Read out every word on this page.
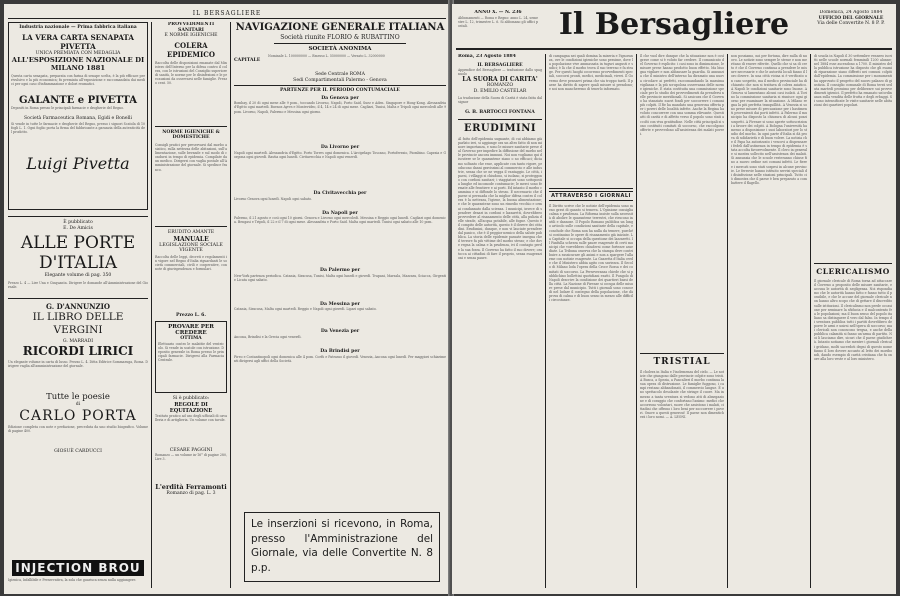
IL BERSAGLIERE
Industria nazionale — Prima fabbrica italiana
LA VERA CARTA SENAPATA PIVETTA
UNICA PREMIATA CON MEDAGLIA
ALL'ESPOSIZIONE NAZIONALE DI MILANO 1881
Questa carta senapata, preparata con farina di senape scelta, è la più efficace per rivulsivo e la più economica; fu premiata all'esposizione e raccomandata dai medici per ogni caso d'infiammazione e dolori reumatici.
GALANTE e PIVETTA
Depositi in Roma presso le principali farmacie e drogherie del Regno.
Società Farmaceutica Romana, Egidi e Bonelli
Si vende in tutte le farmacie e drogherie del Regno, presso i signori Scatola di 10 fogli L. 1. Ogni foglio porta la firma del fabbricante a garanzia della autenticità del prodotto.
Luigi Pivetta
È pubblicato
E. De Amicis
ALLE PORTE D'ITALIA
Elegante volume di pag. 350
Prezzo L. 4 — Lire Una e Cinquanta. Dirigere le domande all'Amministrazione del Giornale.
G. D'ANNUNZIO
IL LIBRO DELLE VERGINI
G. MARRADI
RICORDI LIRICI
Un elegante volume in carta di lusso. Prezzo L. 4. Ditta Editrice Sommaruga, Roma. Dirigere vaglia all'amministrazione del giornale.
Tutte le poesie
di
CARLO PORTA
Edizione completa con note e prefazione, preceduta da uno studio biografico. Volume di pagine 400.
GIOSUÈ CARDUCCI
INJECTION BROU
Igienica, Infallibile e Preservativa, la sola che guarisca senza nulla aggiungere.
PROVVEDIMENTI SANITARI
E NORME IGIENICHE
COLERA EPIDEMICO
Raccolta delle disposizioni emanate dal Ministero dell'Interno per la difesa contro il colera, con le istruzioni del Consiglio superiore di sanità, le norme per le disinfezioni e le precauzioni da osservarsi nelle famiglie. Prezzo cent. 50.
NORME IGIENICHE & DOMESTICHE
Consigli pratici per preservarsi dal morbo asiatico, sulla nettezza delle abitazioni, sull'alimentazione, sulle bevande e sul modo di condursi in tempo di epidemia. Compilate da un medico. Dirigersi con vaglia postale all'Amministrazione del giornale. Si spedisce franco.
ERUDITO AMANTE
MANUALE
LEGISLAZIONE SOCIALE VIGENTE
Raccolta delle leggi, decreti e regolamenti in vigore nel Regno d'Italia riguardanti le società commerciali, civili e cooperative, con note di giurisprudenza e formulari.
Prezzo L. 6.
PROVARE PER CREDERE
OTTIMA
Elettuario contro le malattie del ventricolo. Si vende in scatole con istruzione. Deposito generale in Roma presso le principali farmacie. Dirigersi alla Farmacia Centrale.
Si è pubblicato:
REGOLE DI EQUITAZIONE
Trattato pratico ad uso degli ufficiali di cavalleria e di artiglieria. Un volume con tavole.
CESARE PAGGINI
Romanzo — un volume in-16° di pagine 280, Lire 3.
L'erdità Ferramonti
Romanzo di pag. L. 3
NAVIGAZIONE GENERALE ITALIANA
Società riunite FLORIO & RUBATTINO
SOCIETÀ ANONIMA
CAPITALE
Nominale L. 100000000 — Emesso L. 55000000 — Versato L. 32000000
Sede Centrale ROMA
Sedi Compartimentali Palermo - Genova
PARTENZE PER IL PERIODO CONTUMACIALE
Da Genova per
Bombay, il 20 di ogni mese alle 9 pom., toccando Livorno, Napoli, Porto Said, Suez e Aden. Singapore e Hong-Kong. Alessandria d'Egitto ogni martedì. Buenos Ayres e Montevideo, il 4, 14 e 24 di ogni mese. Cagliari, Tunisi, Malta e Tripoli ogni mercoledì alle 9 pom. Livorno, Napoli, Palermo e Messina ogni giorno.
Da Livorno per
Napoli ogni martedì. Alessandria d'Egitto. Porto Torres ogni domenica. L'Arcipelago Toscano, Portoferraio, Piombino. Capraia e Gorgona ogni giovedì. Bastia ogni lunedì. Civitavecchia e Napoli ogni venerdì.
Da Civitavecchia per
Livorno Genova ogni lunedì. Napoli ogni sabato.
Da Napoli per
Palermo, il 21 agosto e così ogni 10 giorni. Genova e Livorno ogni mercoledì. Messina e Reggio ogni lunedì. Cagliari ogni domenica. Bengasi e Tripoli, il 22 e il 7 di ogni mese. Alessandria e Porto Said. Malta ogni martedì. Tunisi ogni sabato alle 10 pom.
Da Palermo per
New-York partenza periodica. Catania, Siracusa, Tunisi, Malta ogni lunedì e giovedì. Trapani, Marsala, Mazzara, Sciacca, Girgenti e Licata ogni sabato.
Da Messina per
Catania, Siracusa, Malta ogni martedì. Reggio e Napoli ogni giovedì. Lipari ogni sabato.
Da Venezia per
Ancona, Brindisi e la Grecia ogni venerdì.
Da Brindisi per
Pireo e Costantinopoli ogni domenica alle 4 pom. Corfù e Patrasso il giovedì. Venezia, Ancona ogni lunedì. Per maggiori schiarimenti dirigersi agli uffici della Società.
Le inserzioni si ricevono, in Roma, presso l'Amministrazione del Giornale, via delle Convertite N. 8 p.p.
ANNO X. — N. 236
Abbonamenti — Roma e Regno: anno L. 24, semestre L. 12, trimestre L. 6. Si abbonano gli uffici postali.	Il Bersagliere	Domenica, 24 Agosto 1884
UFFICIO DEL GIORNALE
Via delle Convertite N. 8 P. P.
Roma, 23 Agosto 1884
IL BERSAGLIERE
Appendice del Bersagliere — traduzione dallo spagnuolo
LA SUORA DI CARITA'
ROMANZO
D. EMILIO CASTELAR
La traduzione della Suora di Carità è stata fatta dal signor
G. B. BARTOCCI FONTANA
ERUDIMINI
Al fatto dell'epidemia sugnante, di cui abbiamo già parlato ieri, si aggiunge ora un altro fatto di non minore importanza, e sono le misure sanitarie prese dal Governo per impedire la diffusione del morbo nelle provincie ancora immuni. Noi non vogliamo qui discutere se le quarantene siano o no efficaci; diciamo soltanto che esse, applicate con tanto rigore, producono danni gravissimi al commercio e alle industrie, senza che se ne vegga il vantaggio. Le città, i paesi, i villaggi si chiudono, si isolano, si proteggono con cordoni sanitari; i viaggiatori sono sottoposti a lunghe ed incomode contumacie; le merci sono fermate alle frontiere e ai porti. Ed intanto il morbo cammina e si diffonde lo stesso. È necessario che il paese si persuada che la miglior difesa contro il colera è la nettezza, l'igiene, la buona alimentazione; e che le quarantene sono un rimedio vecchio e ormai condannato dalla scienza. I municipi, invece di spendere denari in cordoni e lazzaretti, dovrebbero provvedere al risanamento delle città, alla pulizia delle strade, all'acqua potabile, alle fogne. Questo è il compito delle autorità, questo è il dovere dei cittadini. Erudimini, dunque, e non vi lasciate prendere dal panico, che è il peggior nemico della salute pubblica. La storia delle epidemie passate insegna che il terrore fa più vittime del morbo stesso; e che dove regna la calma e la prudenza, ivi il contagio perde la sua forza. Il Governo ha fatto il suo dovere; ora tocca ai cittadini di fare il proprio, senza esagerazioni e senza paure.
di campagna nei quali domina la miseria e l'ignoranza, ove le condizioni igieniche sono pessime, dove la popolazione vive ammassata in tuguri angusti e sudici; è là che il morbo trova il suo terreno e fa strage. Per questi luoghi occorrono provvedimenti speciali, soccorsi pronti, medici, medicinali, viveri. Il Governo deve pensarvi prima che sia troppo tardi. Il paese ha diritto di sapere quali misure si prendono; e noi non mancheremo di tenerlo informato.
ATTRAVERSO I GIORNALI
Il Diritto scrive che le notizie dell'epidemia sono meno gravi di quanto si temeva. L'Opinione consiglia calma e prudenza. La Riforma insiste sulla necessità di abolire le quarantene terrestri, che riescono inutili e dannose. Il Popolo Romano pubblica un lungo articolo sulle condizioni sanitarie della capitale, e conclude che Roma non ha nulla da temere, purché si continuino le opere di risanamento già iniziate. La Capitale si occupa della questione dei lazzaretti. Il Fanfulla scherza sulle paure esagerate di certi municipi che vorrebbero chiudersi come fortezze assediate. La Tribuna osserva che la stampa deve contribuire a rassicurare gli animi e non a spargere l'allarme con notizie esagerate. La Gazzetta d'Italia crede che il Ministero abbia agito con saviezza. Il Secolo di Milano loda l'opera della Croce Rossa e dei comitati di soccorso. La Perseveranza chiede che si pubblichino bollettini quotidiani esatti. Il Pungolo di Napoli descrive la condizione dei quartieri bassi della città. La Nazione di Firenze si occupa delle misure prese dal municipio. Tutti i giornali sono concordi nel lodare il contegno della popolazione, che dà prova di calma e di buon senso in mezzo alle difficili circostanze.
Il che vuol dire dunque che la situazione non è così grave come si è voluto far credere. Il comunicato del Governo è esplicito: i casi sono in diminuzione, le misure prese hanno prodotto buon effetto. Ma bisogna vigilare e non abbassare la guardia. Si annunzia che il ministro dell'interno ha diramato una nuova circolare ai prefetti, raccomandando la massima vigilanza e la più scrupolosa osservanza delle norme igieniche. È stata costituita una commissione speciale per lo studio dei provvedimenti da prendersi nelle provincie meridionali. Si assicura che il Governo ha stanziato nuovi fondi per soccorrere i comuni più colpiti. Il Re ha mandato una generosa offerta per i poveri delle località infette. Anche la Regina ha voluto concorrere con una somma rilevante. Questi atti di carità e di affetto verso il popolo sono stati accolti con viva gratitudine. Nelle città principali si sono costituiti comitati di soccorso, che raccolgono offerte e provvedono all'assistenza dei malati poveri.
TRISTIAL
Il cholera in Italia e l'inclemenza del cielo. — Le notizie che giungono dalle provincie colpite sono tristi. A Busca, a Spezia, a Pancalieri il morbo continua la sua opera di distruzione. Le famiglie fuggono, i campi restano abbandonati, il commercio langue. È uno spettacolo desolante che stringe il cuore. Ma in mezzo a tanta sventura si vedono atti di abnegazione e di coraggio che confortano l'animo: medici che accorrono volontari, suore che assistono i malati, cittadini che offrono i loro beni per soccorrere i poveri. Onore a questi generosi! Il paese non dimenticherà i loro nomi. — A. LEONI.
non possiamo, noi per fortuna, dire nulla di nuovo. Le notizie sono sempre le stesse e non meritano di essere riferite. Quello che si sa di certo è che il Governo continua a prendere le misure necessarie e che le autorità locali fanno il loro dovere. In una città vicina si è verificato un caso sospetto, ma il medico provinciale ha dichiarato che non si trattava di colera asiatico. A Napoli le condizioni sanitarie sono buone. A Genova si lamentano alcuni casi isolati. A Torino la commissione sanitaria si riunisce ogni giorno per esaminare la situazione. A Milano regna la più perfetta tranquillità. A Venezia si sono prese misure di precauzione per i bastimenti provenienti dai porti infetti. A Palermo il municipio ha disposto la chiusura di alcuni pozzi sospetti. A Firenze si sono aperte sottoscrizioni a favore dei colpiti. A Bologna l'università ha messo a disposizione i suoi laboratori per lo studio del morbo. In ogni parte d'Italia si dà prova di solidarietà e di buon volere. La notizia che il Papa ha autorizzato i vescovi a dispensare i fedeli dall'astinenza in tempo di epidemia è stata accolta favorevolmente. Il clero in generale si mostra sollecito nell'assistenza dei malati. Si annunzia che le scuole resteranno chiuse fino a nuovo ordine nei comuni infetti. Le fiere e i mercati sono stati sospesi in alcune provincie. Le ferrovie hanno istituito servizi speciali di disinfezione nelle stazioni principali. Tutto ciò dimostra che il paese è ben preparato a combattere il flagello.
di scuola in Napoli il 30 settembre vennero iscritti nelle scuole normali femminili 1200 alunne; nel 1884 esse ascendono a 1700. Il ministro della pubblica istruzione ha disposto che gli esami di riparazione siano differiti nei comuni colpiti dall'epidemia. La commissione per i monumenti ha approvato il progetto del nuovo palazzo di giustizia. Il consiglio comunale di Roma terrà seduta martedì prossimo per deliberare sui provvedimenti igienici. Il prefetto ha emanato un'ordinanza sulla vendita delle frutta e degli erbaggi. Si sono intensificate le visite sanitarie nelle abitazioni dei quartieri popolari.
CLERICALISMO
Il giornale clericale di Roma torna ad attaccare il Governo a proposito delle misure sanitarie, e accusa le autorità di negligenza. Noi rispondiamo che le autorità hanno fatto e fanno tutto il possibile, e che le accuse del giornale clericale non hanno altro scopo che di gettare il discredito sulle istituzioni. Il clericalismo non perde occasione per seminare la sfiducia e il malcontento fra le popolazioni; ma il buon senso del popolo italiano sa distinguere il vero dal falso. In tempo di sventura pubblica tutti i partiti dovrebbero deporre le armi e unirsi nell'opera di soccorso; ma i clericali non conoscono tregua, e anche della pubblica calamità si fanno un'arma di partito. Noi li lasciamo dire, sicuri che il paese giudicherà. Intanto notiamo che mentre i giornali clericali gridano, molti sacerdoti degni di questo nome fanno il loro dovere accanto al letto dei moribondi, dando esempio di carità cristiana che fa onore alla loro veste e al loro ministero.
